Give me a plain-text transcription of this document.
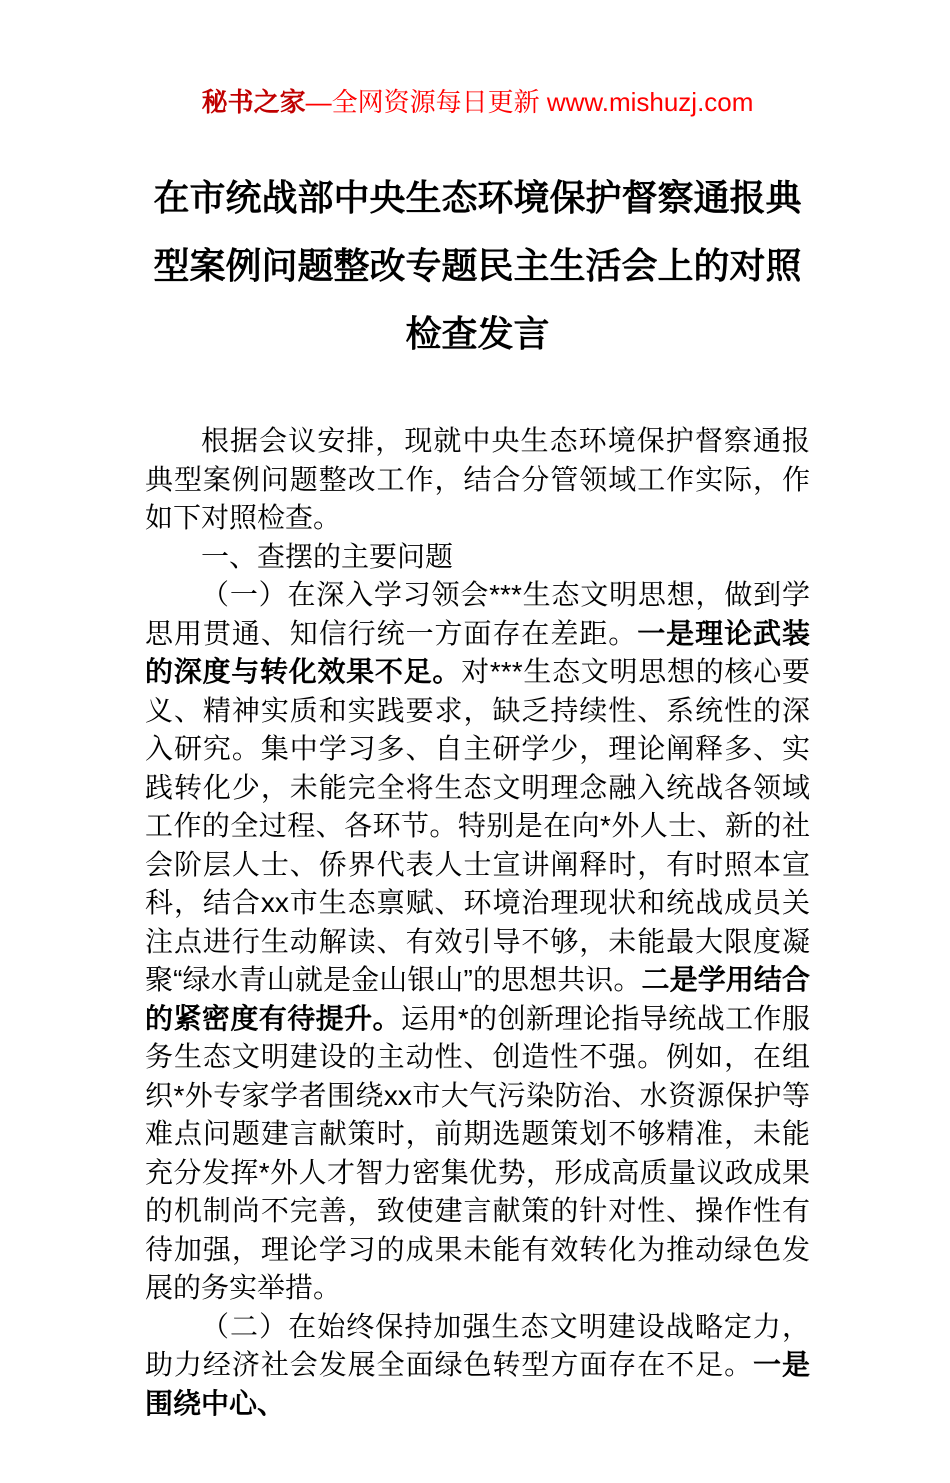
秘书之家—全网资源每日更新 www.mishuzj.com
在市统战部中央生态环境保护督察通报典型案例问题整改专题民主生活会上的对照检查发言

根据会议安排，现就中央生态环境保护督察通报典型案例问题整改工作，结合分管领域工作实际，作如下对照检查。

一、查摆的主要问题

（一）在深入学习领会***生态文明思想，做到学思用贯通、知信行统一方面存在差距。一是理论武装的深度与转化效果不足。对***生态文明思想的核心要义、精神实质和实践要求，缺乏持续性、系统性的深入研究。集中学习多、自主研学少，理论阐释多、实践转化少，未能完全将生态文明理念融入统战各领域工作的全过程、各环节。特别是在向*外人士、新的社会阶层人士、侨界代表人士宣讲阐释时，有时照本宣科，结合xx市生态禀赋、环境治理现状和统战成员关注点进行生动解读、有效引导不够，未能最大限度凝聚“绿水青山就是金山银山”的思想共识。二是学用结合的紧密度有待提升。运用*的创新理论指导统战工作服务生态文明建设的主动性、创造性不强。例如，在组织*外专家学者围绕xx市大气污染防治、水资源保护等难点问题建言献策时，前期选题策划不够精准，未能充分发挥*外人才智力密集优势，形成高质量议政成果的机制尚不完善，致使建言献策的针对性、操作性有待加强，理论学习的成果未能有效转化为推动绿色发展的务实举措。

（二）在始终保持加强生态文明建设战略定力，助力经济社会发展全面绿色转型方面存在不足。一是围绕中心、
